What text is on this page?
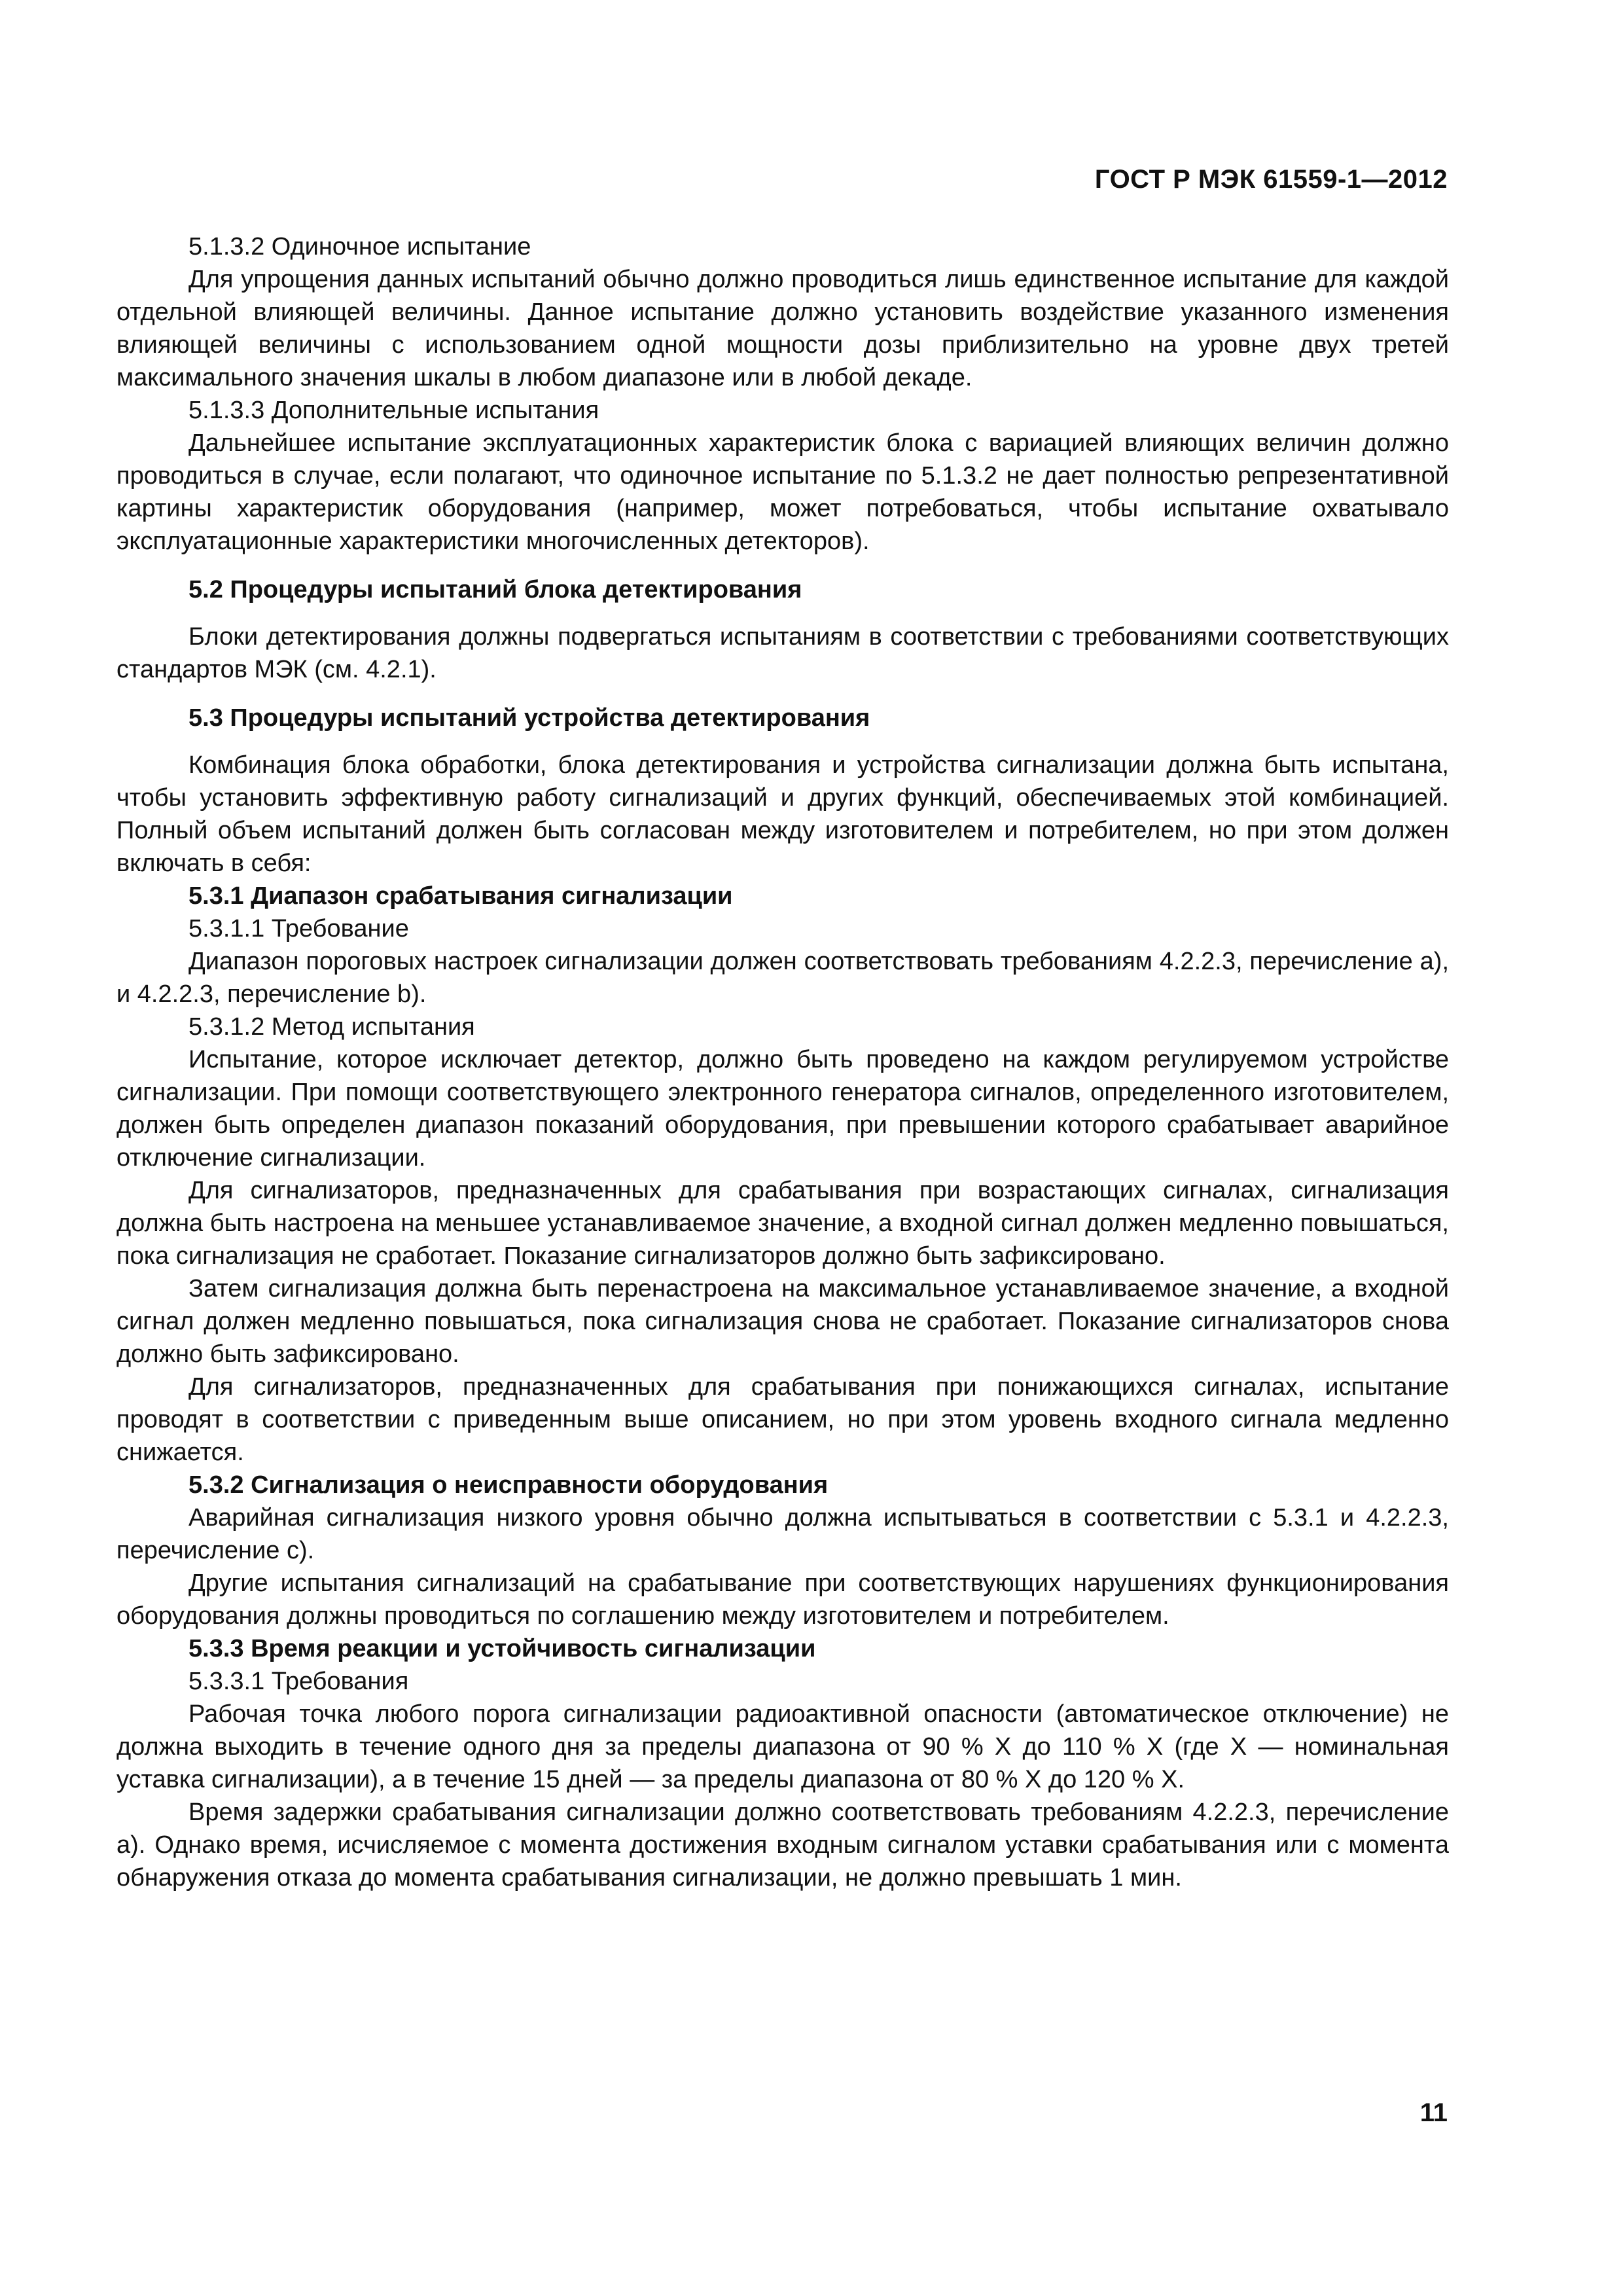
ГОСТ Р МЭК 61559-1—2012

5.1.3.2 Одиночное испытание

Для упрощения данных испытаний обычно должно проводиться лишь единственное испытание для каждой отдельной влияющей величины. Данное испытание должно установить воздействие указанного изменения влияющей величины с использованием одной мощности дозы приблизительно на уровне двух третей максимального значения шкалы в любом диапазоне или в любой декаде.

5.1.3.3 Дополнительные испытания

Дальнейшее испытание эксплуатационных характеристик блока с вариацией влияющих величин должно проводиться в случае, если полагают, что одиночное испытание по 5.1.3.2 не дает полностью репрезентативной картины характеристик оборудования (например, может потребоваться, чтобы испытание охватывало эксплуатационные характеристики многочисленных детекторов).

5.2 Процедуры испытаний блока детектирования

Блоки детектирования должны подвергаться испытаниям в соответствии с требованиями соответствующих стандартов МЭК (см. 4.2.1).

5.3 Процедуры испытаний устройства детектирования

Комбинация блока обработки, блока детектирования и устройства сигнализации должна быть испытана, чтобы установить эффективную работу сигнализаций и других функций, обеспечиваемых этой комбинацией. Полный объем испытаний должен быть согласован между изготовителем и потребителем, но при этом должен включать в себя:

5.3.1 Диапазон срабатывания сигнализации

5.3.1.1 Требование

Диапазон пороговых настроек сигнализации должен соответствовать требованиям 4.2.2.3, перечисление а), и 4.2.2.3, перечисление b).

5.3.1.2 Метод испытания

Испытание, которое исключает детектор, должно быть проведено на каждом регулируемом устройстве сигнализации. При помощи соответствующего электронного генератора сигналов, определенного изготовителем, должен быть определен диапазон показаний оборудования, при превышении которого срабатывает аварийное отключение сигнализации.

Для сигнализаторов, предназначенных для срабатывания при возрастающих сигналах, сигнализация должна быть настроена на меньшее устанавливаемое значение, а входной сигнал должен медленно повышаться, пока сигнализация не сработает. Показание сигнализаторов должно быть зафиксировано.

Затем сигнализация должна быть перенастроена на максимальное устанавливаемое значение, а входной сигнал должен медленно повышаться, пока сигнализация снова не сработает. Показание сигнализаторов снова должно быть зафиксировано.

Для сигнализаторов, предназначенных для срабатывания при понижающихся сигналах, испытание проводят в соответствии с приведенным выше описанием, но при этом уровень входного сигнала медленно снижается.

5.3.2 Сигнализация о неисправности оборудования

Аварийная сигнализация низкого уровня обычно должна испытываться в соответствии с 5.3.1 и 4.2.2.3, перечисление с).

Другие испытания сигнализаций на срабатывание при соответствующих нарушениях функционирования оборудования должны проводиться по соглашению между изготовителем и потребителем.

5.3.3 Время реакции и устойчивость сигнализации

5.3.3.1 Требования

Рабочая точка любого порога сигнализации радиоактивной опасности (автоматическое отключение) не должна выходить в течение одного дня за пределы диапазона от 90 % X до 110 % X (где X — номинальная уставка сигнализации), а в течение 15 дней — за пределы диапазона от 80 % X до 120 % X.

Время задержки срабатывания сигнализации должно соответствовать требованиям 4.2.2.3, перечисление а). Однако время, исчисляемое с момента достижения входным сигналом уставки срабатывания или с момента обнаружения отказа до момента срабатывания сигнализации, не должно превышать 1 мин.

11
